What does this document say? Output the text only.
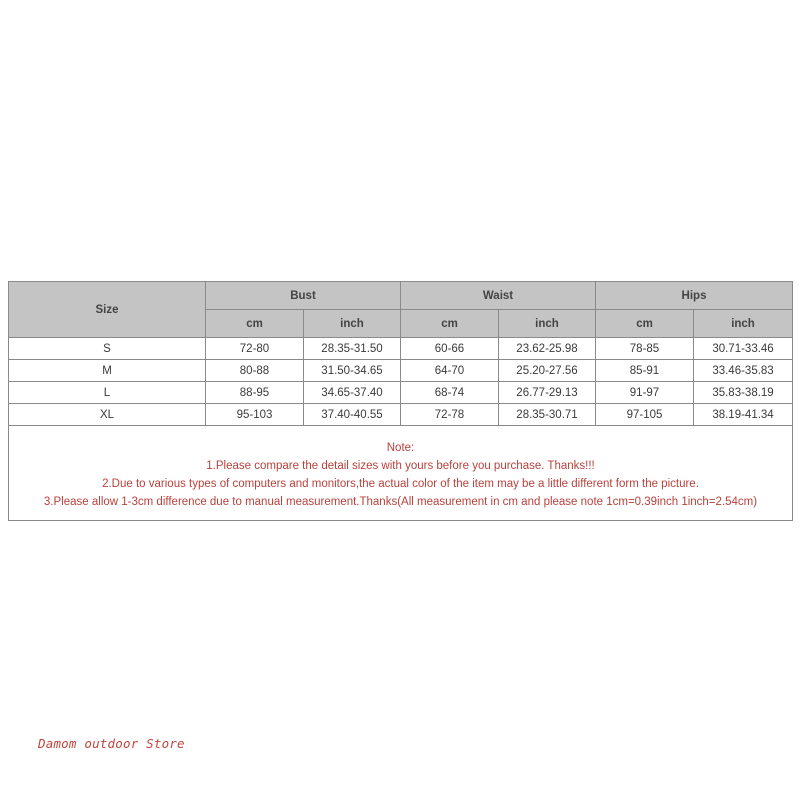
Size	Bust		Waist		Hips	
	cm	inch	cm	inch	cm	inch
S	72-80	28.35-31.50	60-66	23.62-25.98	78-85	30.71-33.46
M	80-88	31.50-34.65	64-70	25.20-27.56	85-91	33.46-35.83
L	88-95	34.65-37.40	68-74	26.77-29.13	91-97	35.83-38.19
XL	95-103	37.40-40.55	72-78	28.35-30.71	97-105	38.19-41.34

Note:
1.Please compare the detail sizes with yours before you purchase. Thanks!!!
2.Due to various types of computers and monitors,the actual color of the item may be a little different form the picture.
3.Please allow 1-3cm difference due to manual measurement.Thanks(All measurement in cm and please note 1cm=0.39inch 1inch=2.54cm)						
Damom outdoor Store
